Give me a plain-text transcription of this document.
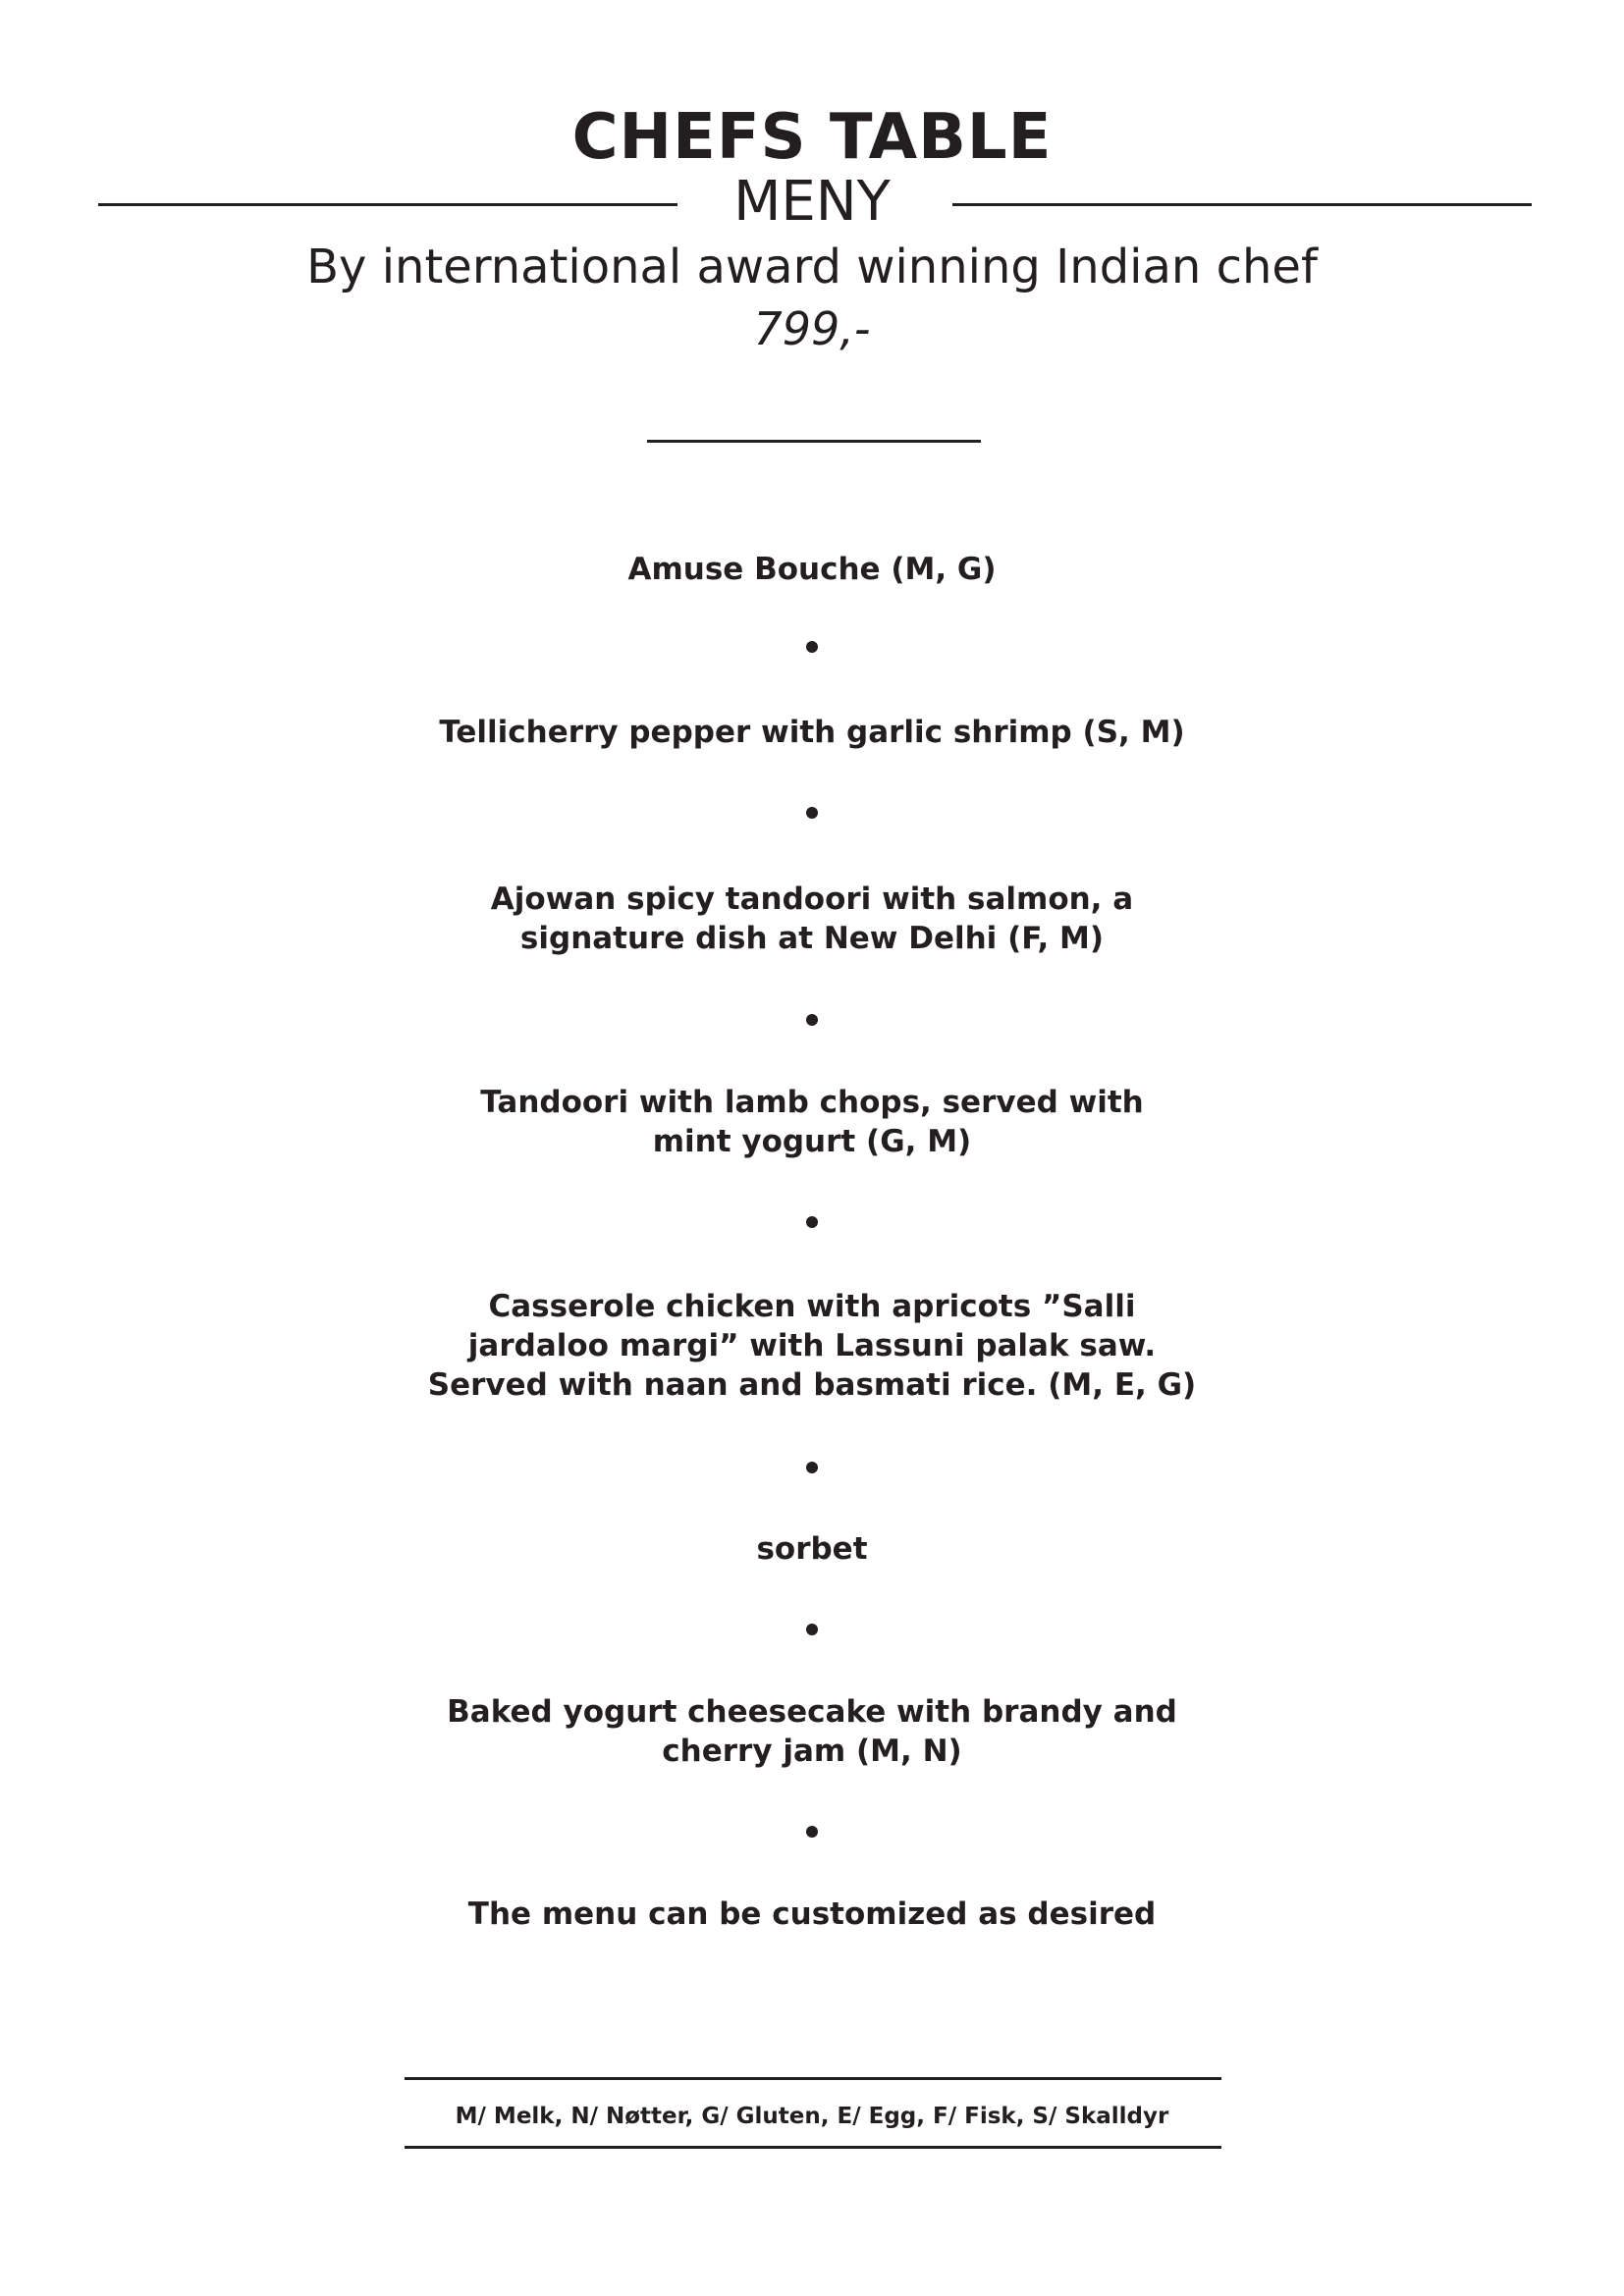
CHEFS TABLE
MENY
By international award winning Indian chef
799,-

Amuse Bouche (M, G)

Tellicherry pepper with garlic shrimp (S, M)

Ajowan spicy tandoori with salmon, a signature dish at New Delhi (F, M)

Tandoori with lamb chops, served with mint yogurt (G, M)

Casserole chicken with apricots ”Salli jardaloo margi” with Lassuni palak saw. Served with naan and basmati rice. (M, E, G)

sorbet

Baked yogurt cheesecake with brandy and cherry jam (M, N)

The menu can be customized as desired

M/ Melk, N/ Nøtter, G/ Gluten, E/ Egg, F/ Fisk, S/ Skalldyr
